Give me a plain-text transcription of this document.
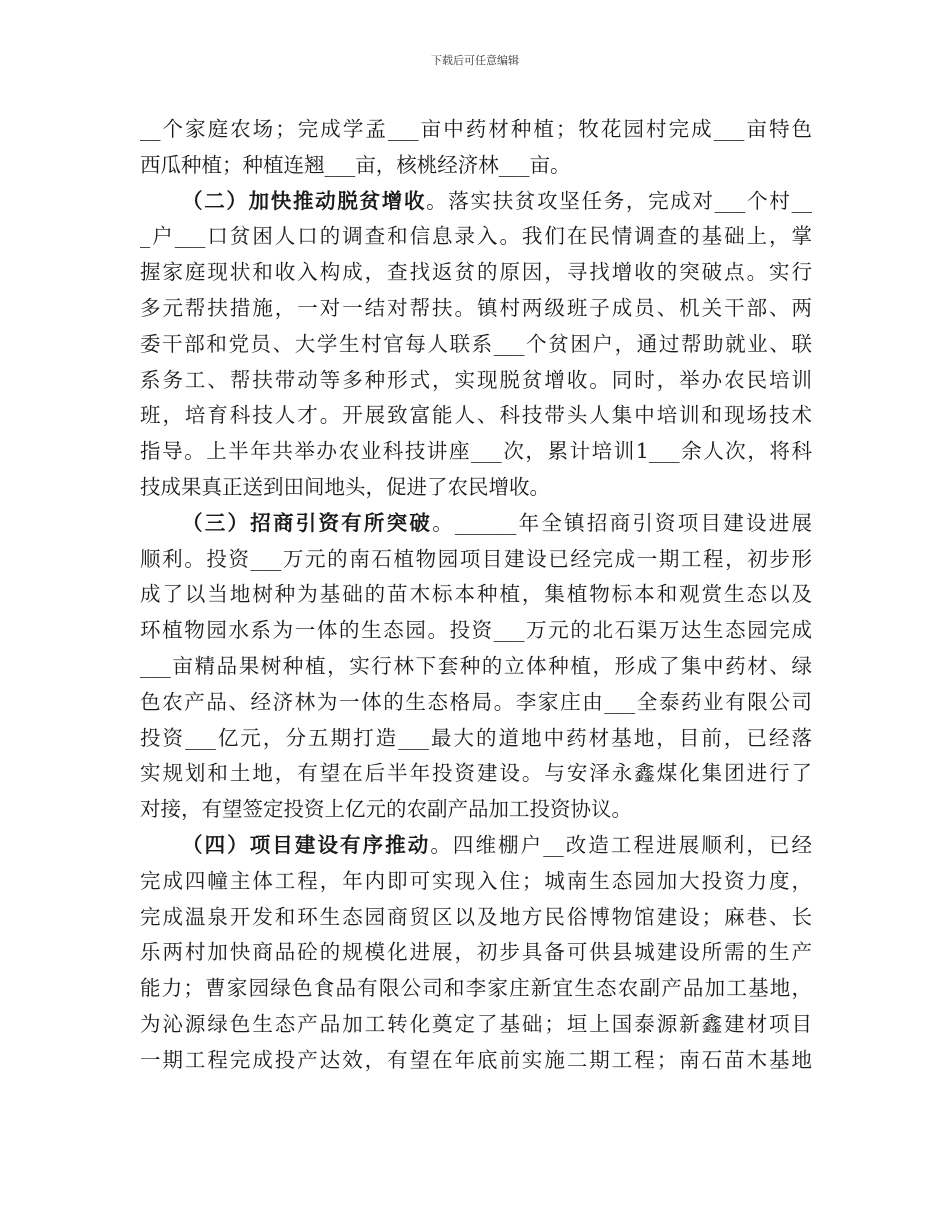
下载后可任意编辑
__个家庭农场；完成学孟___亩中药材种植；牧花园村完成___亩特色
西瓜种植；种植连翘___亩，核桃经济林___亩。
（二）加快推动脱贫增收。落实扶贫攻坚任务，完成对___个村__
_户___口贫困人口的调查和信息录入。我们在民情调查的基础上，掌
握家庭现状和收入构成，查找返贫的原因，寻找增收的突破点。实行
多元帮扶措施，一对一结对帮扶。镇村两级班子成员、机关干部、两
委干部和党员、大学生村官每人联系___个贫困户，通过帮助就业、联
系务工、帮扶带动等多种形式，实现脱贫增收。同时，举办农民培训
班，培育科技人才。开展致富能人、科技带头人集中培训和现场技术
指导。上半年共举办农业科技讲座___次，累计培训1___余人次，将科
技成果真正送到田间地头，促进了农民增收。
（三）招商引资有所突破。______年全镇招商引资项目建设进展
顺利。投资___万元的南石植物园项目建设已经完成一期工程，初步形
成了以当地树种为基础的苗木标本种植，集植物标本和观赏生态以及
环植物园水系为一体的生态园。投资___万元的北石渠万达生态园完成
___亩精品果树种植，实行林下套种的立体种植，形成了集中药材、绿
色农产品、经济林为一体的生态格局。李家庄由___全泰药业有限公司
投资___亿元，分五期打造___最大的道地中药材基地，目前，已经落
实规划和土地，有望在后半年投资建设。与安泽永鑫煤化集团进行了
对接，有望签定投资上亿元的农副产品加工投资协议。
（四）项目建设有序推动。四维棚户__改造工程进展顺利，已经
完成四幢主体工程，年内即可实现入住；城南生态园加大投资力度，
完成温泉开发和环生态园商贸区以及地方民俗博物馆建设；麻巷、长
乐两村加快商品砼的规模化进展，初步具备可供县城建设所需的生产
能力；曹家园绿色食品有限公司和李家庄新宜生态农副产品加工基地，
为沁源绿色生态产品加工转化奠定了基础；垣上国泰源新鑫建材项目
一期工程完成投产达效，有望在年底前实施二期工程；南石苗木基地
